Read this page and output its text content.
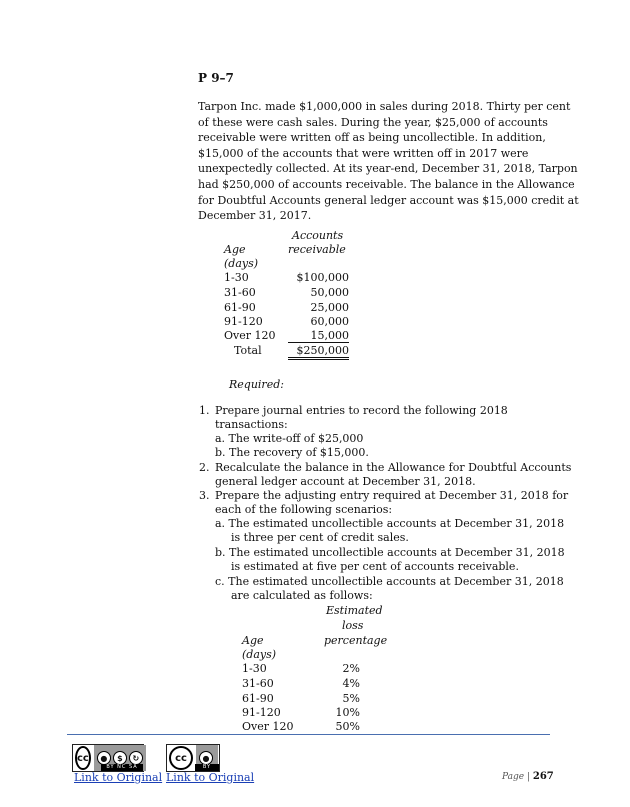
P 9–7
Tarpon Inc. made $1,000,000 in sales during 2018. Thirty per cent
of these were cash sales. During the year, $25,000 of accounts
receivable were written off as being uncollectible. In addition,
$15,000 of the accounts that were written off in 2017 were
unexpectedly collected. At its year-end, December 31, 2018, Tarpon
had $250,000 of accounts receivable. The balance in the Allowance
for Doubtful Accounts general ledger account was $15,000 credit at
December 31, 2017.
Accounts
receivable
Age
(days)
1-30	$100,000
31-60	50,000
61-90	25,000
91-120	60,000
Over 120	15,000
Total	$250,000
Required:
1. Prepare journal entries to record the following 2018
transactions:
a. The write-off of $25,000
b. The recovery of $15,000.
2. Recalculate the balance in the Allowance for Doubtful Accounts
general ledger account at December 31, 2018.
3. Prepare the adjusting entry required at December 31, 2018 for
each of the following scenarios:
a. The estimated uncollectible accounts at December 31, 2018
is three per cent of credit sales.
b. The estimated uncollectible accounts at December 31, 2018
is estimated at five per cent of accounts receivable.
c. The estimated uncollectible accounts at December 31, 2018
are calculated as follows:
Estimated
loss
percentage
Age
(days)
1-30	2%
31-60	4%
61-90	5%
91-120	10%
Over 120	50%
cc	●	$	↻
BY NC SA
cc	●
BY
Link to Original Link to Original	Page | 267
